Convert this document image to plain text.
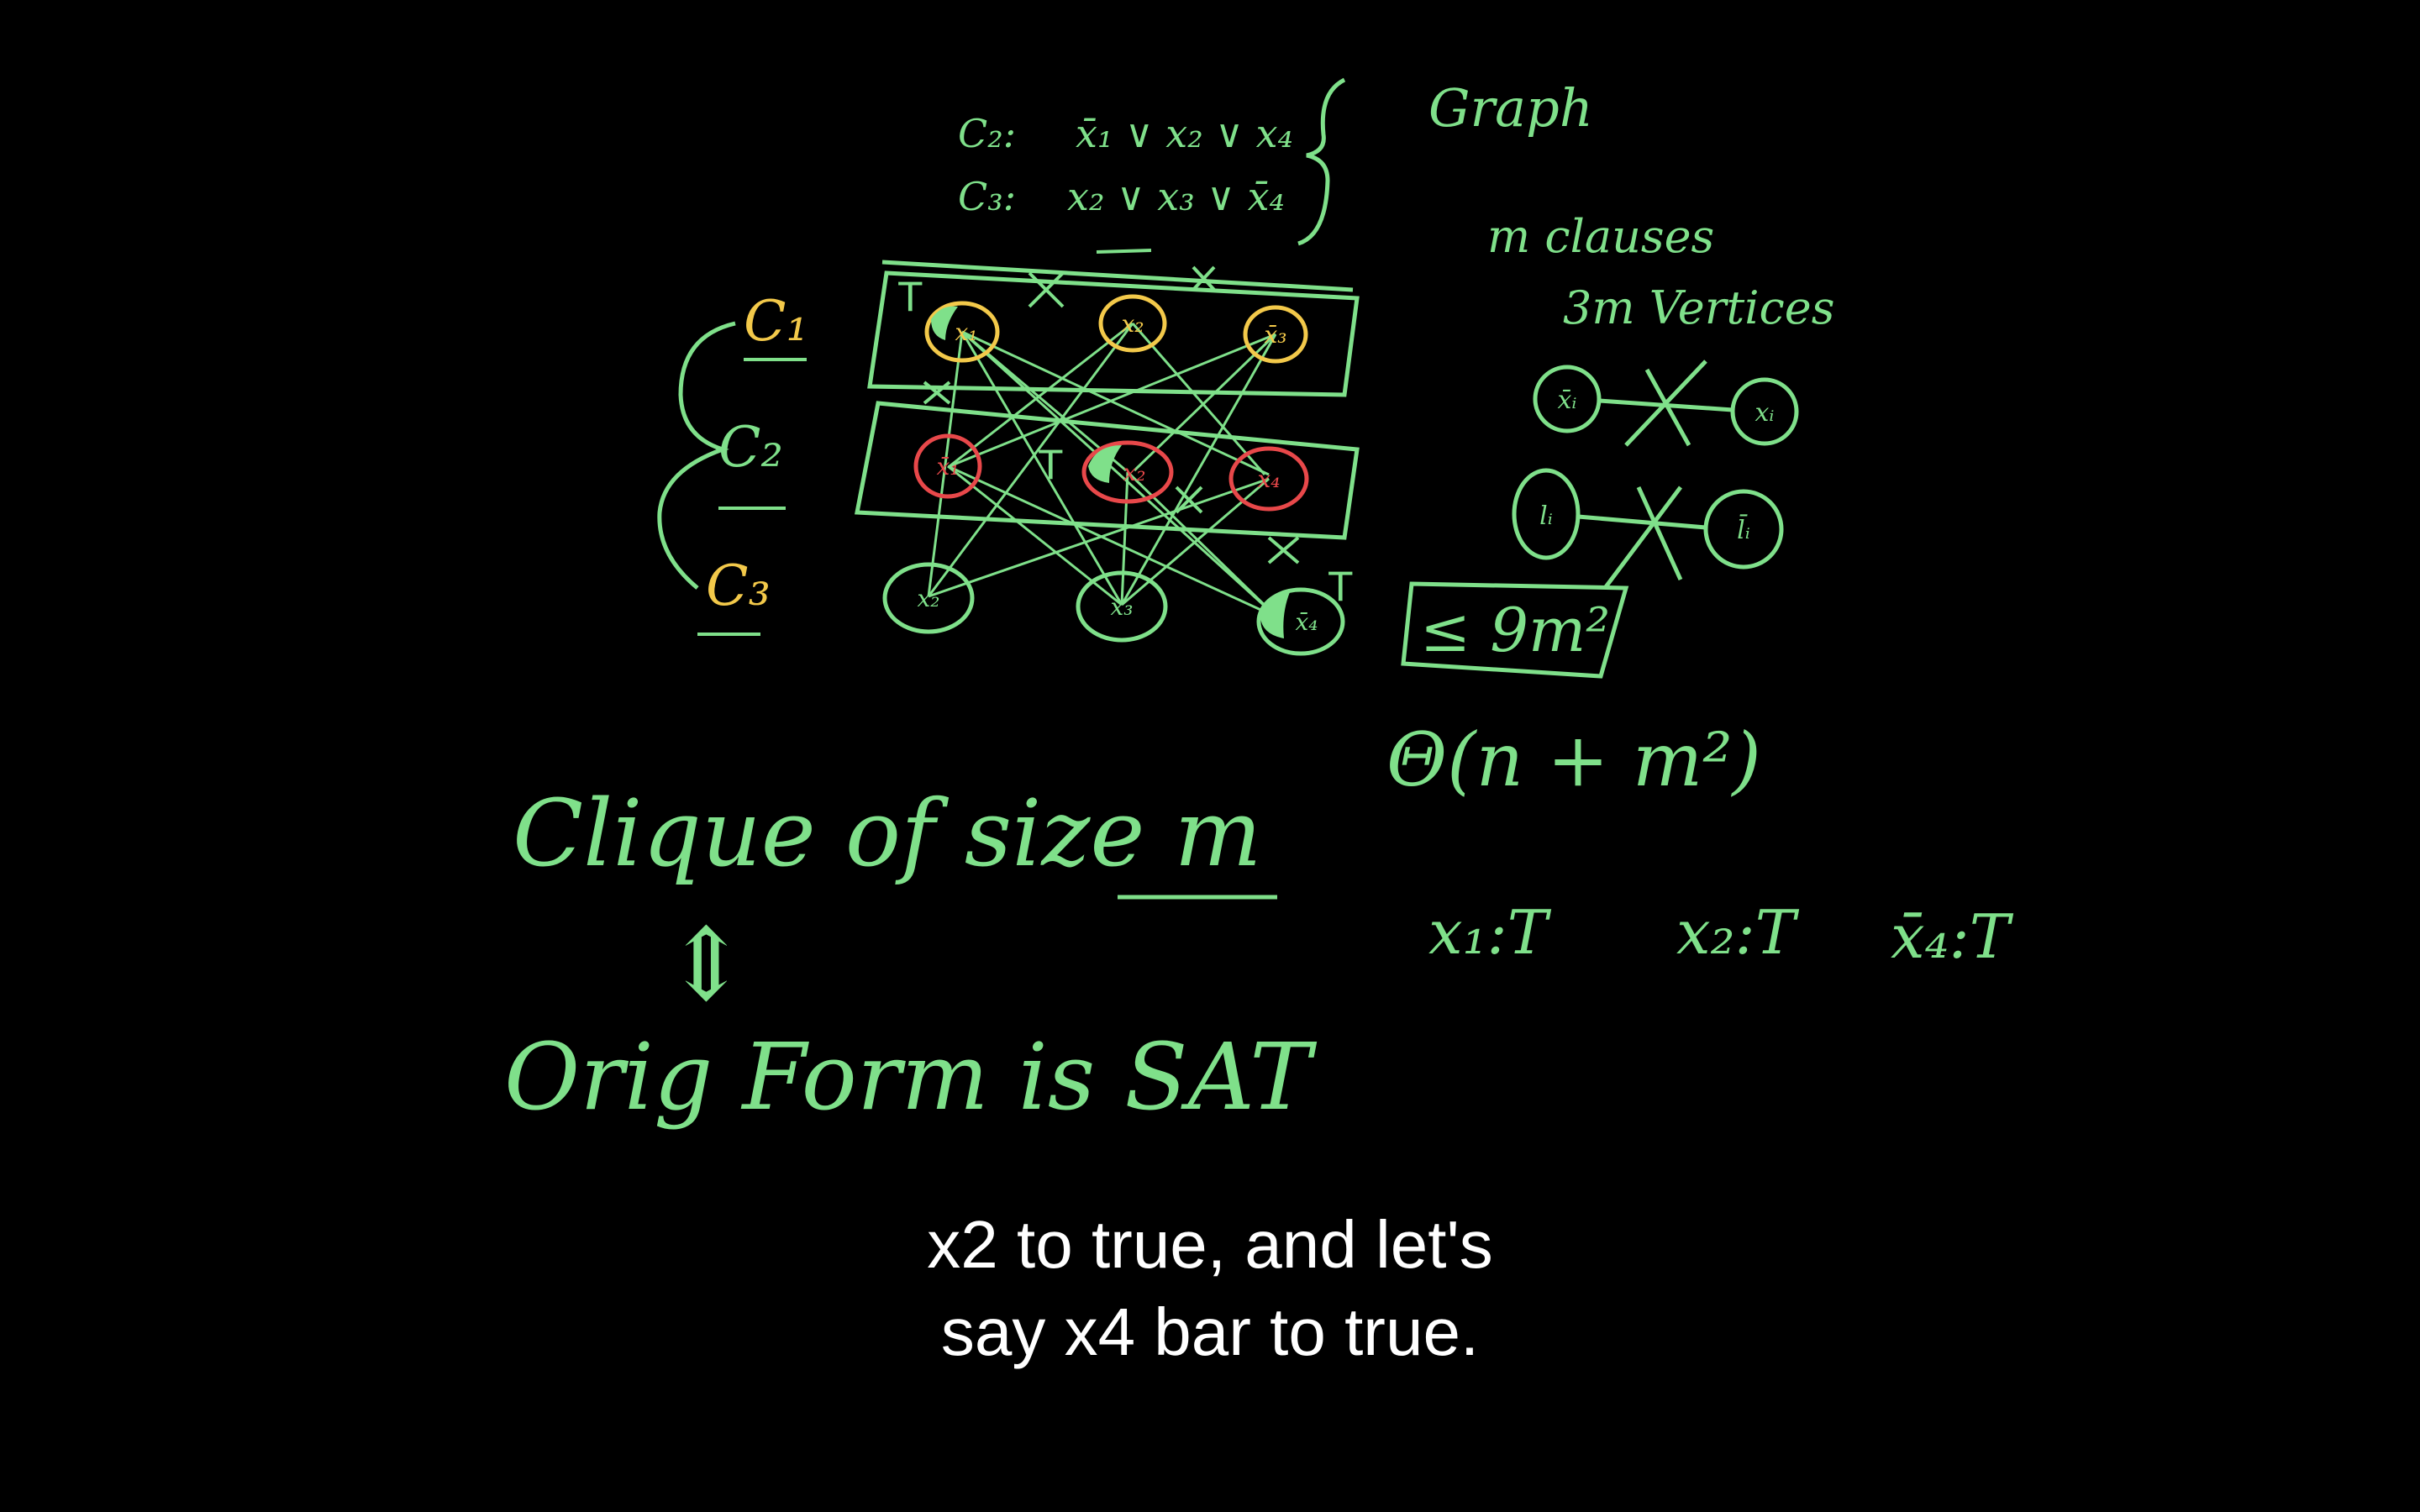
C₂: x̄₁ ∨ x₂ ∨ x₄
C₃: x₂ ∨ x₃ ∨ x̄₄
Graph
m clauses
3m Vertices
≤ 9m²
Θ(n + m²)
x̄ᵢ	xᵢ
lᵢ	l̄ᵢ
C₁
C₂
C₃
x₁	x₂	x̄₃
x̄₁	x₂	x₄
x₂	x₃
x̄₄
T
T
T
Clique of size m
⇕
Orig Form is SAT
x₁:T x₂:T x̄₄:T
x2 to true, and let's
say x4 bar to true.
